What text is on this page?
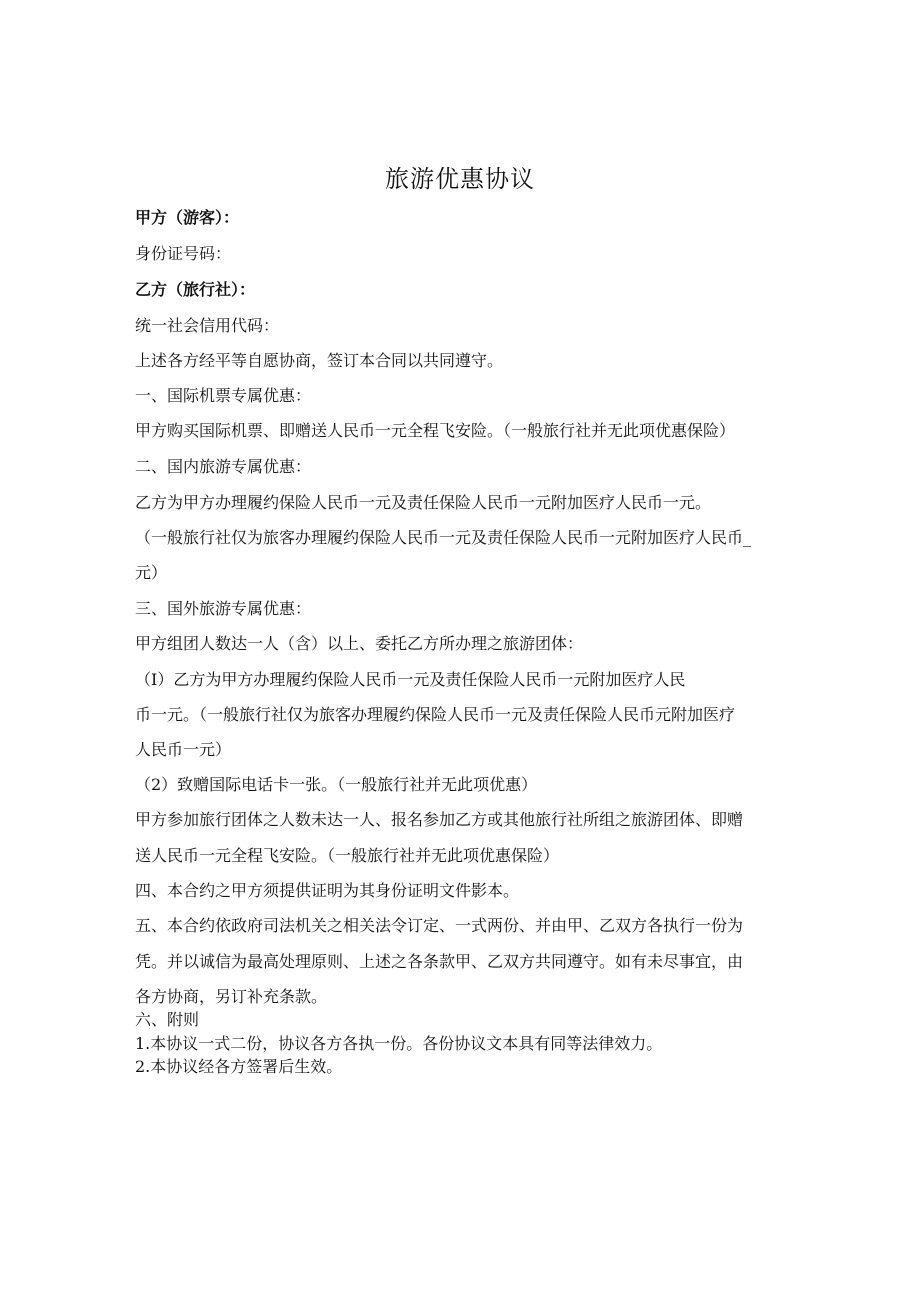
旅游优惠协议
甲方（游客）：
身份证号码：
乙方（旅行社）：
统一社会信用代码：
上述各方经平等自愿协商，签订本合同以共同遵守。
一、国际机票专属优惠：
甲方购买国际机票、即赠送人民币一元全程飞安险。（一般旅行社并无此项优惠保险）
二、国内旅游专属优惠：
乙方为甲方办理履约保险人民币一元及责任保险人民币一元附加医疗人民币一元。
（一般旅行社仅为旅客办理履约保险人民币一元及责任保险人民币一元附加医疗人民币_
元）
三、国外旅游专属优惠：
甲方组团人数达一人（含）以上、委托乙方所办理之旅游团体：
（I）乙方为甲方办理履约保险人民币一元及责任保险人民币一元附加医疗人民
币一元。（一般旅行社仅为旅客办理履约保险人民币一元及责任保险人民币元附加医疗
人民币一元）
（2）致赠国际电话卡一张。（一般旅行社并无此项优惠）
甲方参加旅行团体之人数未达一人、报名参加乙方或其他旅行社所组之旅游团体、即赠
送人民币一元全程飞安险。（一般旅行社并无此项优惠保险）
四、本合约之甲方须提供证明为其身份证明文件影本。
五、本合约依政府司法机关之相关法令订定、一式两份、并由甲、乙双方各执行一份为
凭。并以诚信为最高处理原则、上述之各条款甲、乙双方共同遵守。如有未尽事宜，由
各方协商，另订补充条款。
六、附则
1.本协议一式二份，协议各方各执一份。各份协议文本具有同等法律效力。
2.本协议经各方签署后生效。
